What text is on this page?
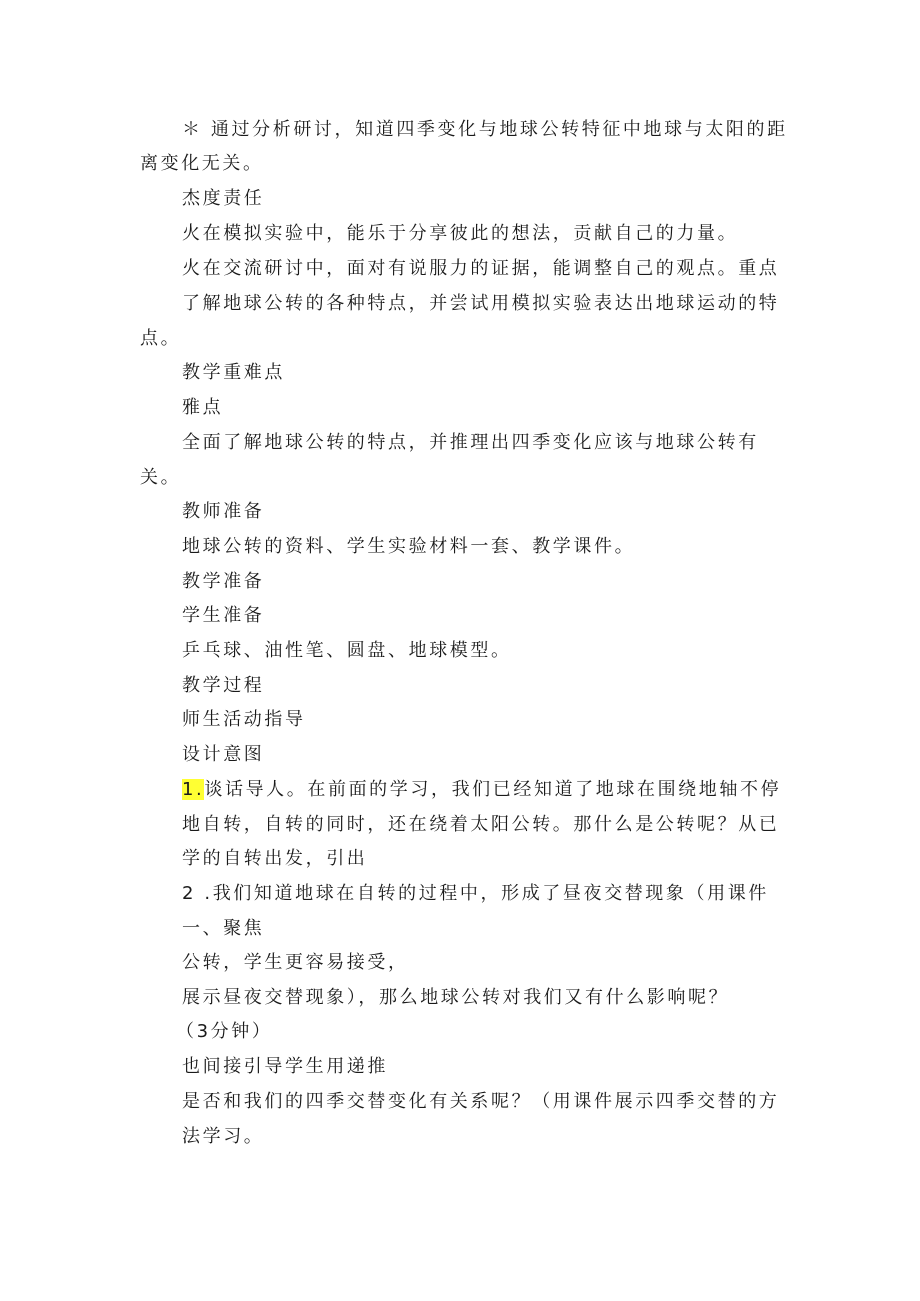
＊ 通过分析研讨，知道四季变化与地球公转特征中地球与太阳的距
离变化无关。
杰度责任
火在模拟实验中，能乐于分享彼此的想法，贡献自己的力量。
火在交流研讨中，面对有说服力的证据，能调整自己的观点。重点
了解地球公转的各种特点，并尝试用模拟实验表达出地球运动的特
点。
教学重难点
雅点
全面了解地球公转的特点，并推理出四季变化应该与地球公转有
关。
教师准备
地球公转的资料、学生实验材料一套、教学课件。
教学准备
学生准备
乒乓球、油性笔、圆盘、地球模型。
教学过程
师生活动指导
设计意图
1.谈话导人。在前面的学习，我们已经知道了地球在围绕地轴不停
地自转，自转的同时，还在绕着太阳公转。那什么是公转呢？从已
学的自转出发，引出
2 .我们知道地球在自转的过程中，形成了昼夜交替现象（用课件
一、聚焦
公转，学生更容易接受，
展示昼夜交替现象），那么地球公转对我们又有什么影响呢？
（3分钟）
也间接引导学生用递推
是否和我们的四季交替变化有关系呢？（用课件展示四季交替的方
法学习。
